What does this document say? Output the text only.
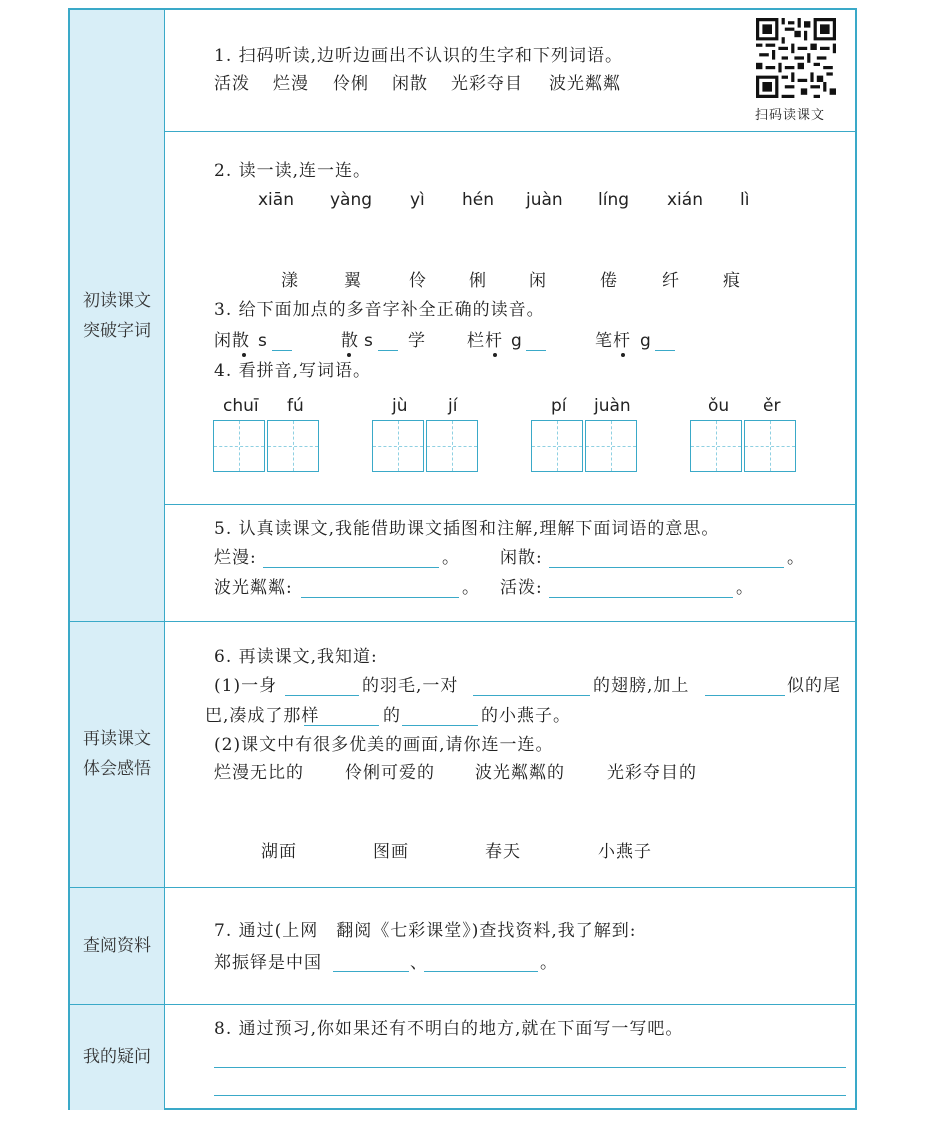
初读课文
突破字词
再读课文
体会感悟
查阅资料
我的疑问
扫码读课文
1. 扫码听读,边听边画出不认识的生字和下列词语。
活泼 烂漫 伶俐 闲散 光彩夺目 波光粼粼
2. 读一读,连一连。
xiān yàng yì hén juàn líng xián lì
漾	翼	伶 俐 闲	倦	纤	痕
3. 给下面加点的多音字补全正确的读音。
闲散 s	散 s 学 栏杆 g	笔杆 g
4. 看拼音,写词语。
chuī fú	jù jí	pí juàn	ǒu ěr
5. 认真读课文,我能借助课文插图和注解,理解下面词语的意思。
烂漫:	。 闲散:	。
波光粼粼:	。 活泼:	。
6. 再读课文,我知道:
(1)一身	的羽毛,一对	的翅膀,加上	似的尾
巴,凑成了那样	的	的小燕子。
(2)课文中有很多优美的画面,请你连一连。
烂漫无比的 伶俐可爱的 波光粼粼的 光彩夺目的
湖面	图画	春天	小燕子
7. 通过(上网　翻阅《七彩课堂》)查找资料,我了解到:
郑振铎是中国	、	。
8. 通过预习,你如果还有不明白的地方,就在下面写一写吧。
